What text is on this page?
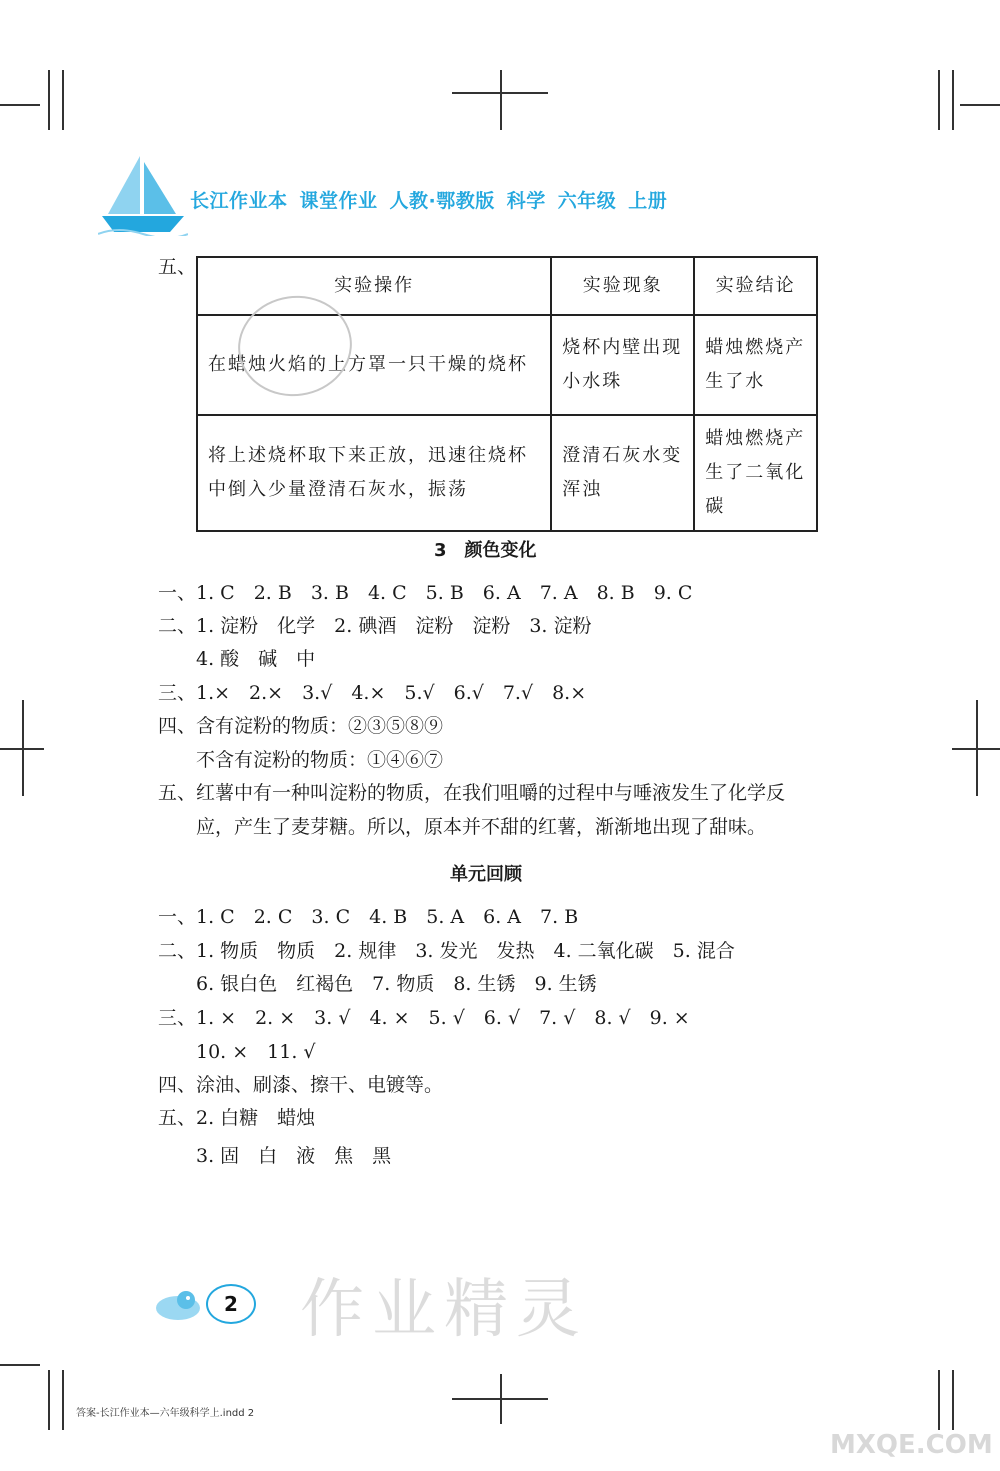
长江作业本 课堂作业 人教·鄂教版 科学 六年级 上册
五、
实验操作	实验现象	实验结论
在蜡烛火焰的上方罩一只干燥的烧杯	烧杯内壁出现小水珠	蜡烛燃烧产生了水
将上述烧杯取下来正放，迅速往烧杯中倒入少量澄清石灰水，振荡	澄清石灰水变浑浊	蜡烛燃烧产生了二氧化碳
3　颜色变化
一、1. C　2. B　3. B　4. C　5. B　6. A　7. A　8. B　9. C
二、1. 淀粉　化学　2. 碘酒　淀粉　淀粉　3. 淀粉
4. 酸　碱　中
三、1.×　2.×　3.√　4.×　5.√　6.√　7.√　8.×
四、含有淀粉的物质：②③⑤⑧⑨
不含有淀粉的物质：①④⑥⑦
五、红薯中有一种叫淀粉的物质，在我们咀嚼的过程中与唾液发生了化学反
应，产生了麦芽糖。所以，原本并不甜的红薯，渐渐地出现了甜味。
单元回顾
一、1. C　2. C　3. C　4. B　5. A　6. A　7. B
二、1. 物质　物质　2. 规律　3. 发光　发热　4. 二氧化碳　5. 混合
6. 银白色　红褐色　7. 物质　8. 生锈　9. 生锈
三、1. ×　2. ×　3. √　4. ×　5. √　6. √　7. √　8. √　9. ×
10. ×　11. √
四、涂油、刷漆、擦干、电镀等。
五、2. 白糖　蜡烛
3. 固　白　液　焦　黑
2 作业精灵
答案-长江作业本—六年级科学上.indd 2
MXQE.COM
